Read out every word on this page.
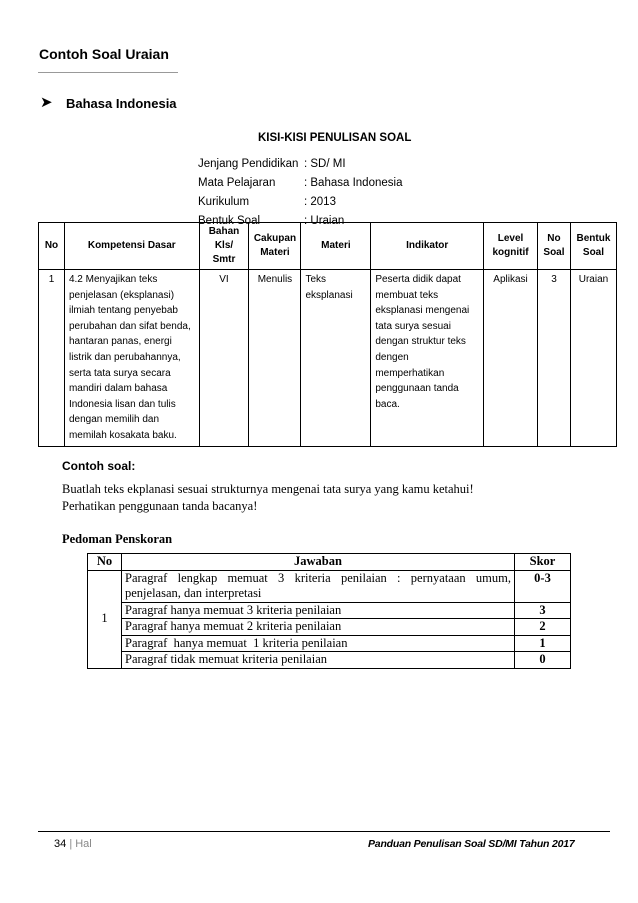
Contoh Soal Uraian
➤ Bahasa Indonesia
KISI-KISI PENULISAN SOAL
Jenjang Pendidikan : SD/ MI
Mata Pelajaran	: Bahasa Indonesia
Kurikulum	: 2013
Bentuk Soal	: Uraian
No	Kompetensi Dasar	Bahan Kls/ Smtr	Cakupan Materi	Materi	Indikator	Level kognitif	No Soal	Bentuk Soal
1	4.2 Menyajikan teks penjelasan (eksplanasi) ilmiah tentang penyebab perubahan dan sifat benda, hantaran panas, energi listrik dan perubahannya, serta tata surya secara mandiri dalam bahasa Indonesia lisan dan tulis dengan memilih dan memilah kosakata baku.	VI	Menulis	Teks eksplanasi	Peserta didik dapat membuat teks eksplanasi mengenai tata surya sesuai dengan struktur teks dengen memperhatikan penggunaan tanda baca.	Aplikasi	3	Uraian
Contoh soal:
Buatlah teks ekplanasi sesuai strukturnya mengenai tata surya yang kamu ketahui!
Perhatikan penggunaan tanda bacanya!
Pedoman Penskoran
No	Jawaban	Skor
1	Paragraf lengkap memuat 3 kriteria penilaian : pernyataan umum,
penjelasan, dan interpretasi	0-3
	Paragraf hanya memuat 3 kriteria penilaian	3
	Paragraf hanya memuat 2 kriteria penilaian	2
	Paragraf  hanya memuat  1 kriteria penilaian	1
	Paragraf tidak memuat kriteria penilaian	0
34 | Hal	Panduan Penulisan Soal SD/MI Tahun 2017
